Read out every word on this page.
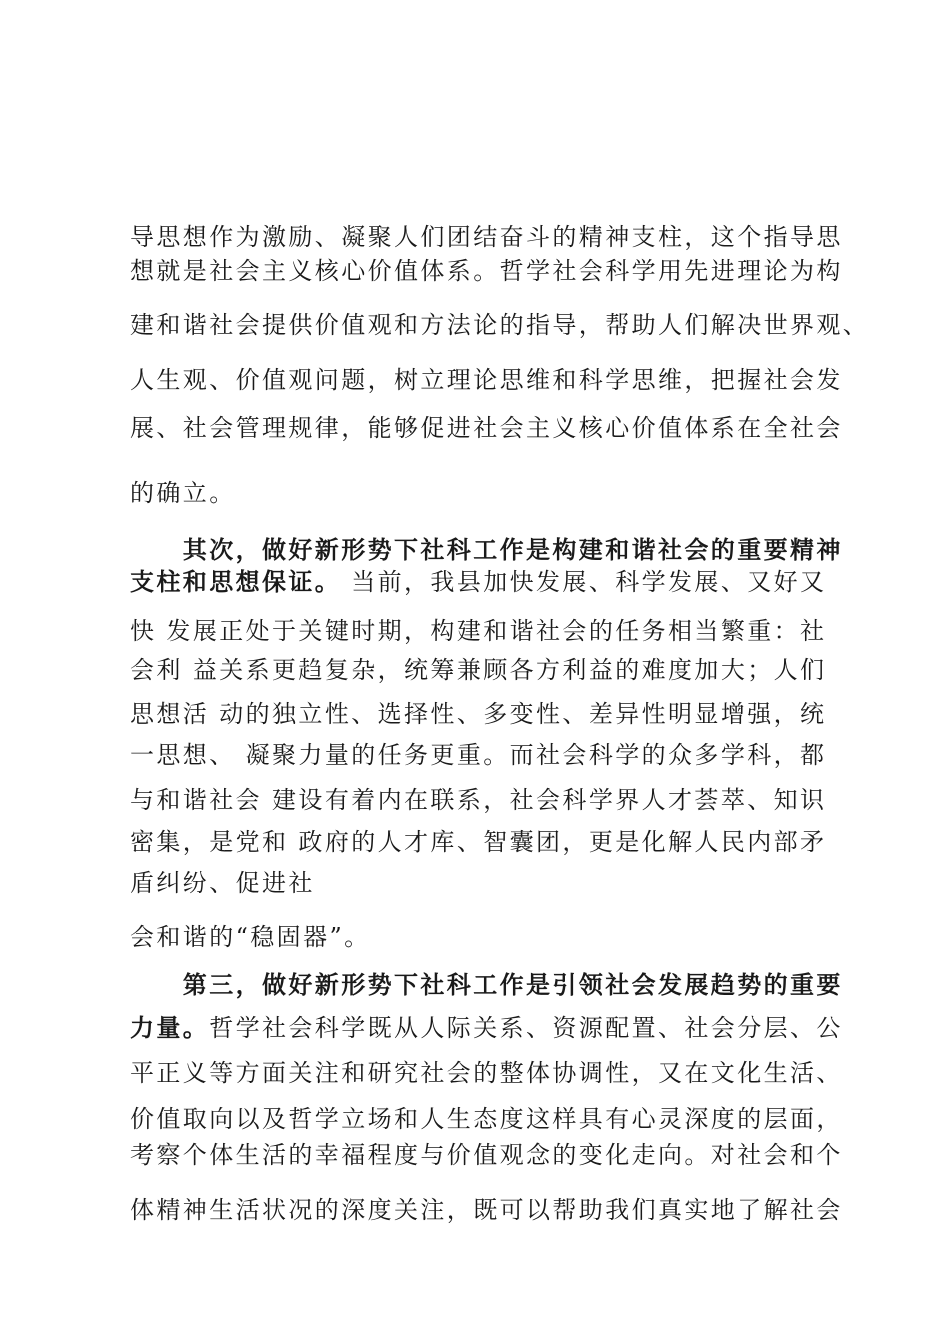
导思想作为激励、凝聚人们团结奋斗的精神支柱，这个指导思
想就是社会主义核心价值体系。哲学社会科学用先进理论为构
建和谐社会提供价值观和方法论的指导，帮助人们解决世界观、
人生观、价值观问题，树立理论思维和科学思维，把握社会发
展、社会管理规律，能够促进社会主义核心价值体系在全社会
的确立。
　　其次，做好新形势下社科工作是构建和谐社会的重要精神
支柱和思想保证。 当前，我县加快发展、科学发展、又好又
快 发展正处于关键时期，构建和谐社会的任务相当繁重：社
会利 益关系更趋复杂，统筹兼顾各方利益的难度加大；人们
思想活 动的独立性、选择性、多变性、差异性明显增强，统
一思想、 凝聚力量的任务更重。而社会科学的众多学科，都
与和谐社会 建设有着内在联系，社会科学界人才荟萃、知识
密集，是党和 政府的人才库、智囊团，更是化解人民内部矛
盾纠纷、促进社
会和谐的“稳固器”。
　　第三，做好新形势下社科工作是引领社会发展趋势的重要
力量。哲学社会科学既从人际关系、资源配置、社会分层、公
平正义等方面关注和研究社会的整体协调性，又在文化生活、
价值取向以及哲学立场和人生态度这样具有心灵深度的层面，
考察个体生活的幸福程度与价值观念的变化走向。对社会和个
体精神生活状况的深度关注，既可以帮助我们真实地了解社会
